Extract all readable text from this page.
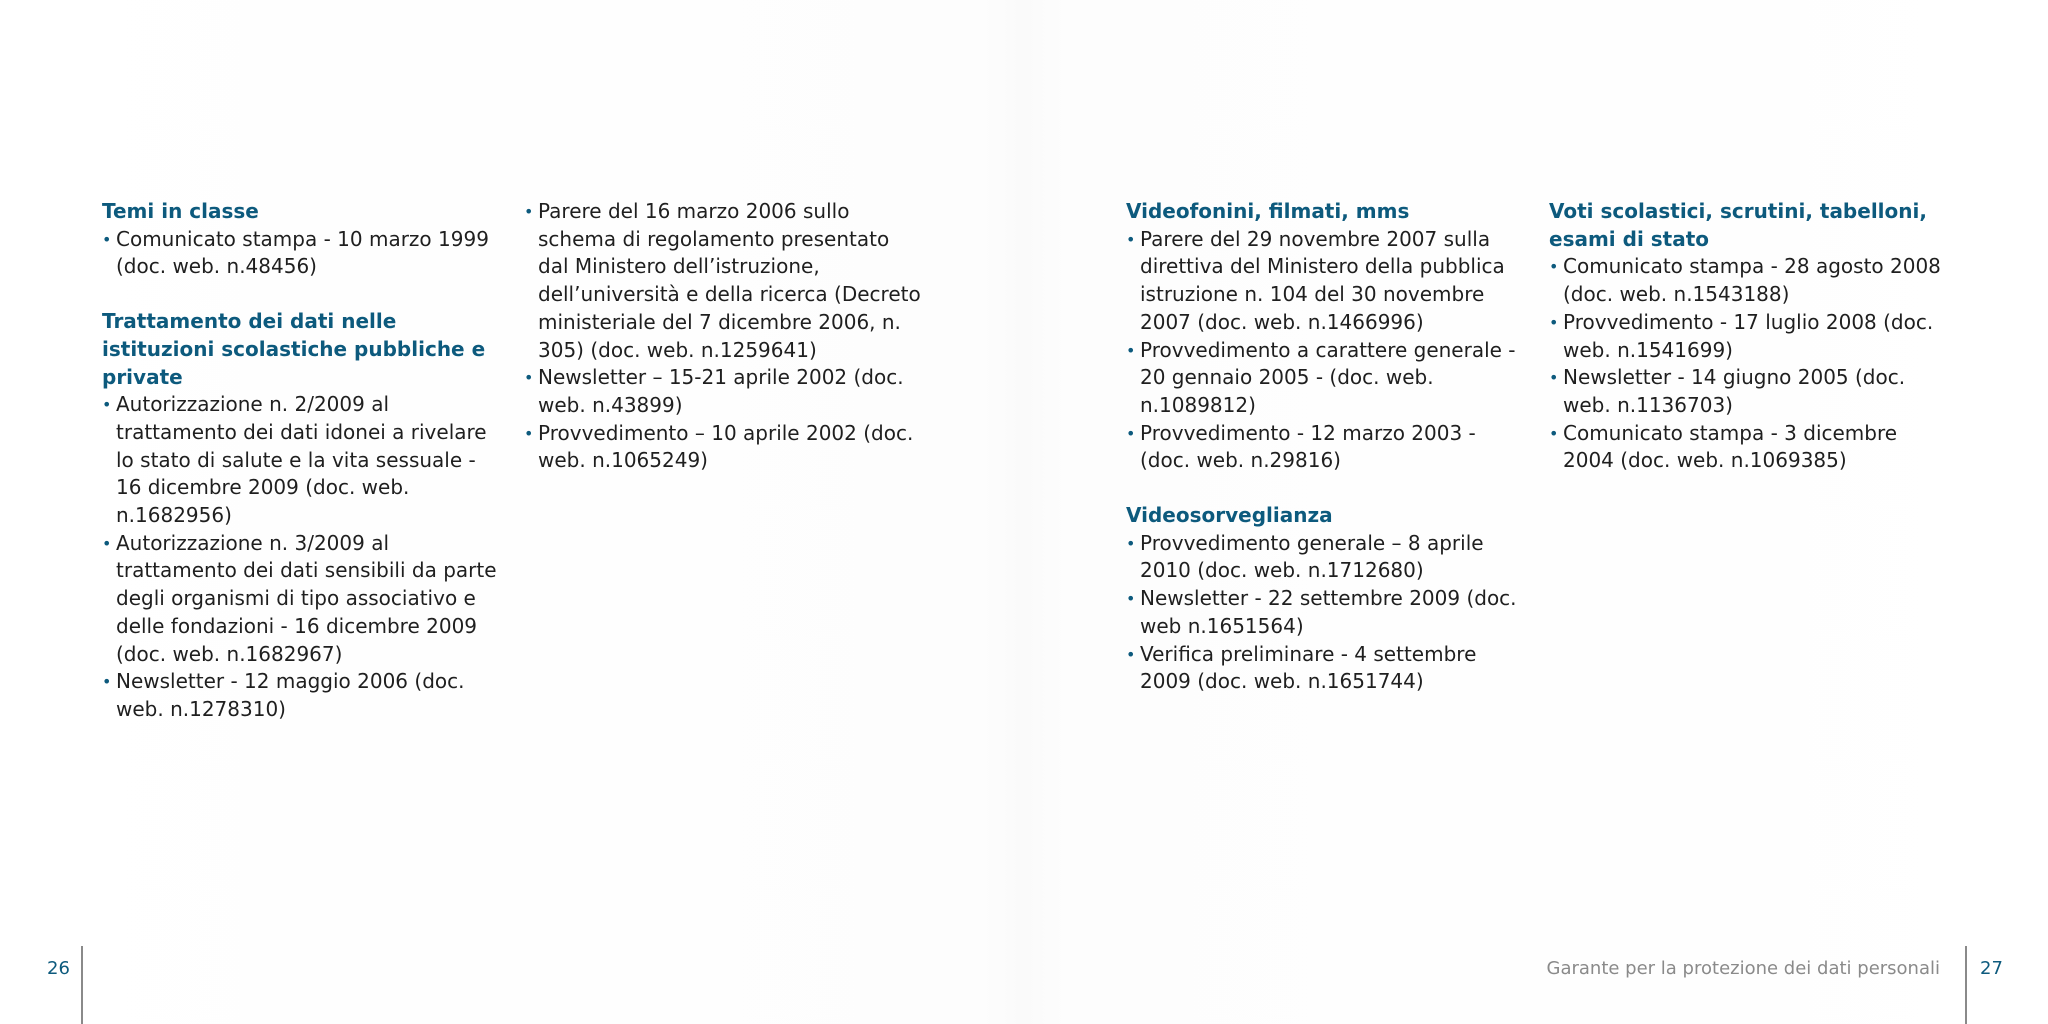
Temi in classe
• Comunicato stampa - 10 marzo 1999 (doc. web. n.48456)
Trattamento dei dati nelle istituzioni scolastiche pubbliche e private
• Autorizzazione n. 2/2009 al trattamento dei dati idonei a rivelare lo stato di salute e la vita sessuale - 16 dicembre 2009 (doc. web. n.1682956)
• Autorizzazione n. 3/2009 al trattamento dei dati sensibili da parte degli organismi di tipo associativo e delle fondazioni - 16 dicembre 2009 (doc. web. n.1682967)
• Newsletter - 12 maggio 2006 (doc. web. n.1278310)
• Parere del 16 marzo 2006 sullo schema di regolamento presentato dal Ministero dell’istruzione, dell’università e della ricerca (Decreto ministeriale del 7 dicembre 2006, n. 305) (doc. web. n.1259641)
• Newsletter – 15-21 aprile 2002 (doc. web. n.43899)
• Provvedimento – 10 aprile 2002 (doc. web. n.1065249)
Videofonini, filmati, mms
• Parere del 29 novembre 2007 sulla direttiva del Ministero della pubblica istruzione n. 104 del 30 novembre 2007 (doc. web. n.1466996)
• Provvedimento a carattere generale - 20 gennaio 2005 - (doc. web. n.1089812)
• Provvedimento - 12 marzo 2003 - (doc. web. n.29816)
Videosorveglianza
• Provvedimento generale – 8 aprile 2010 (doc. web. n.1712680)
• Newsletter - 22 settembre 2009 (doc. web n.1651564)
• Verifica preliminare - 4 settembre 2009 (doc. web. n.1651744)
Voti scolastici, scrutini, tabelloni, esami di stato
• Comunicato stampa - 28 agosto 2008 (doc. web. n.1543188)
• Provvedimento - 17 luglio 2008 (doc. web. n.1541699)
• Newsletter - 14 giugno 2005 (doc. web. n.1136703)
• Comunicato stampa - 3 dicembre 2004 (doc. web. n.1069385)
26	Garante per la protezione dei dati personali 27
